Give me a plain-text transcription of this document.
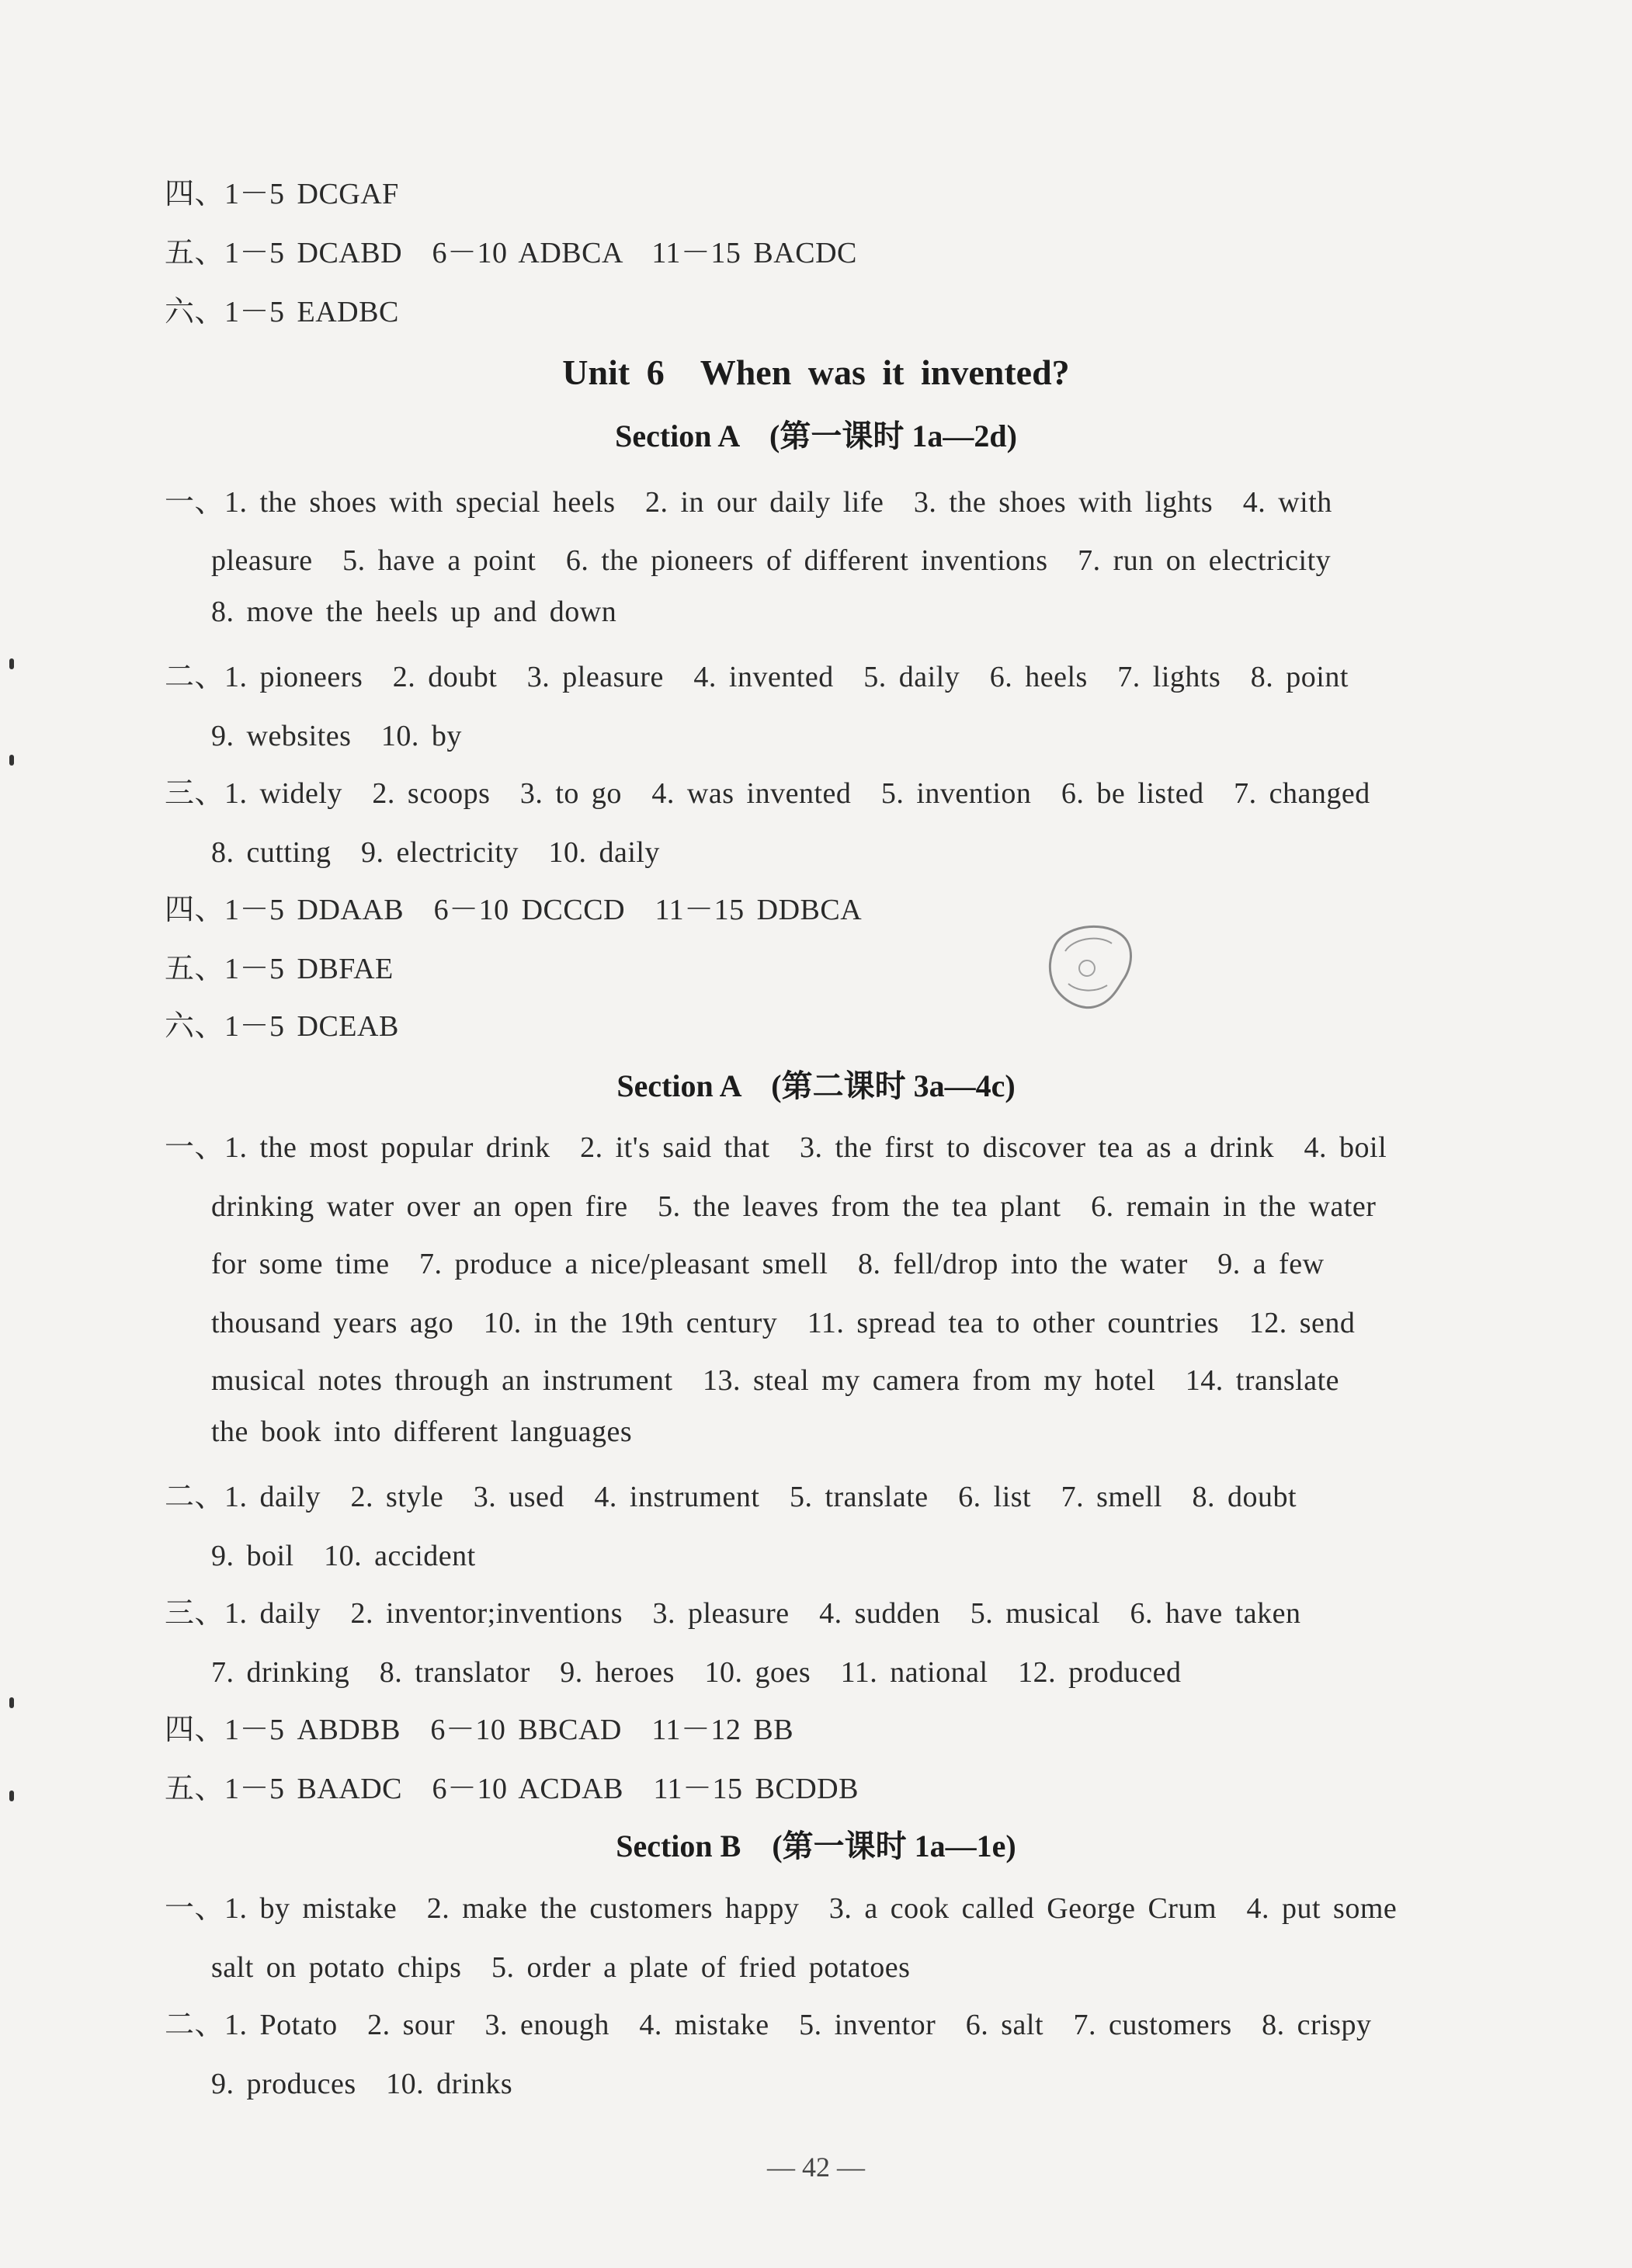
四、1－5 DCGAF
五、1－5 DCABD　6－10 ADBCA　11－15 BACDC
六、1－5 EADBC
Unit 6　When was it invented?
Section A　(第一课时 1a—2d)
一、1. the shoes with special heels　2. in our daily life　3. the shoes with lights　4. with
pleasure　5. have a point　6. the pioneers of different inventions　7. run on electricity
8. move the heels up and down
二、1. pioneers　2. doubt　3. pleasure　4. invented　5. daily　6. heels　7. lights　8. point
9. websites　10. by
三、1. widely　2. scoops　3. to go　4. was invented　5. invention　6. be listed　7. changed
8. cutting　9. electricity　10. daily
四、1－5 DDAAB　6－10 DCCCD　11－15 DDBCA
五、1－5 DBFAE
六、1－5 DCEAB
Section A　(第二课时 3a—4c)
一、1. the most popular drink　2. it's said that　3. the first to discover tea as a drink　4. boil
drinking water over an open fire　5. the leaves from the tea plant　6. remain in the water
for some time　7. produce a nice/pleasant smell　8. fell/drop into the water　9. a few
thousand years ago　10. in the 19th century　11. spread tea to other countries　12. send
musical notes through an instrument　13. steal my camera from my hotel　14. translate
the book into different languages
二、1. daily　2. style　3. used　4. instrument　5. translate　6. list　7. smell　8. doubt
9. boil　10. accident
三、1. daily　2. inventor;inventions　3. pleasure　4. sudden　5. musical　6. have taken
7. drinking　8. translator　9. heroes　10. goes　11. national　12. produced
四、1－5 ABDBB　6－10 BBCAD　11－12 BB
五、1－5 BAADC　6－10 ACDAB　11－15 BCDDB
Section B　(第一课时 1a—1e)
一、1. by mistake　2. make the customers happy　3. a cook called George Crum　4. put some
salt on potato chips　5. order a plate of fried potatoes
二、1. Potato　2. sour　3. enough　4. mistake　5. inventor　6. salt　7. customers　8. crispy
9. produces　10. drinks
— 42 —
